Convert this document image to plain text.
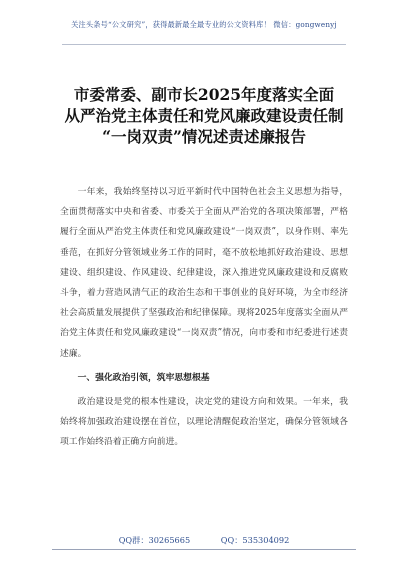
关注头条号“公文研究”，获得最新最全最专业的公文资料库！ 微信：gongwenyj
市委常委、副市长2025年度落实全面
从严治党主体责任和党风廉政建设责任制
“一岗双责”情况述责述廉报告

一年来，我始终坚持以习近平新时代中国特色社会主义思想为指导，全面贯彻落实中央和省委、市委关于全面从严治党的各项决策部署，严格履行全面从严治党主体责任和党风廉政建设“一岗双责”，以身作则、率先垂范，在抓好分管领域业务工作的同时，毫不放松地抓好政治建设、思想建设、组织建设、作风建设、纪律建设，深入推进党风廉政建设和反腐败斗争，着力营造风清气正的政治生态和干事创业的良好环境，为全市经济社会高质量发展提供了坚强政治和纪律保障。现将2025年度落实全面从严治党主体责任和党风廉政建设“一岗双责”情况，向市委和市纪委进行述责述廉。

一、强化政治引领，筑牢思想根基

政治建设是党的根本性建设，决定党的建设方向和效果。一年来，我始终将加强政治建设摆在首位，以理论清醒促政治坚定，确保分管领域各项工作始终沿着正确方向前进。

QQ群：30265665	QQ：535304092
